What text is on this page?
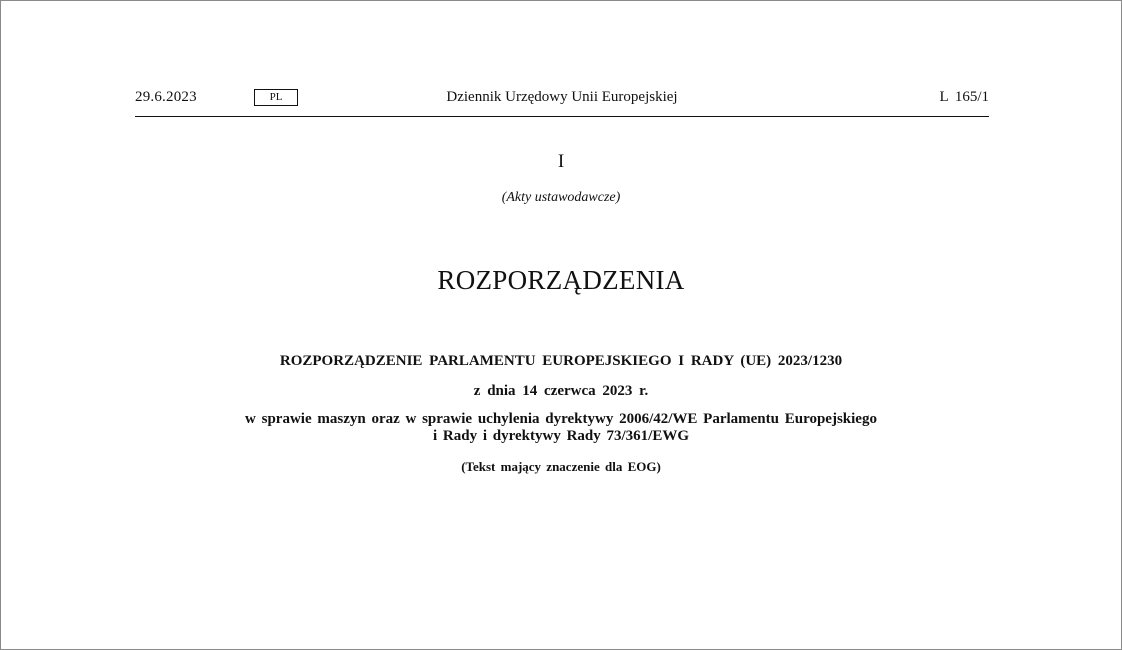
29.6.2023	PL	Dziennik Urzędowy Unii Europejskiej	L 165/1
I
(Akty ustawodawcze)
ROZPORZĄDZENIA
ROZPORZĄDZENIE PARLAMENTU EUROPEJSKIEGO I RADY (UE) 2023/1230
z dnia 14 czerwca 2023 r.
w sprawie maszyn oraz w sprawie uchylenia dyrektywy 2006/42/WE Parlamentu Europejskiego
i Rady i dyrektywy Rady 73/361/EWG
(Tekst mający znaczenie dla EOG)
